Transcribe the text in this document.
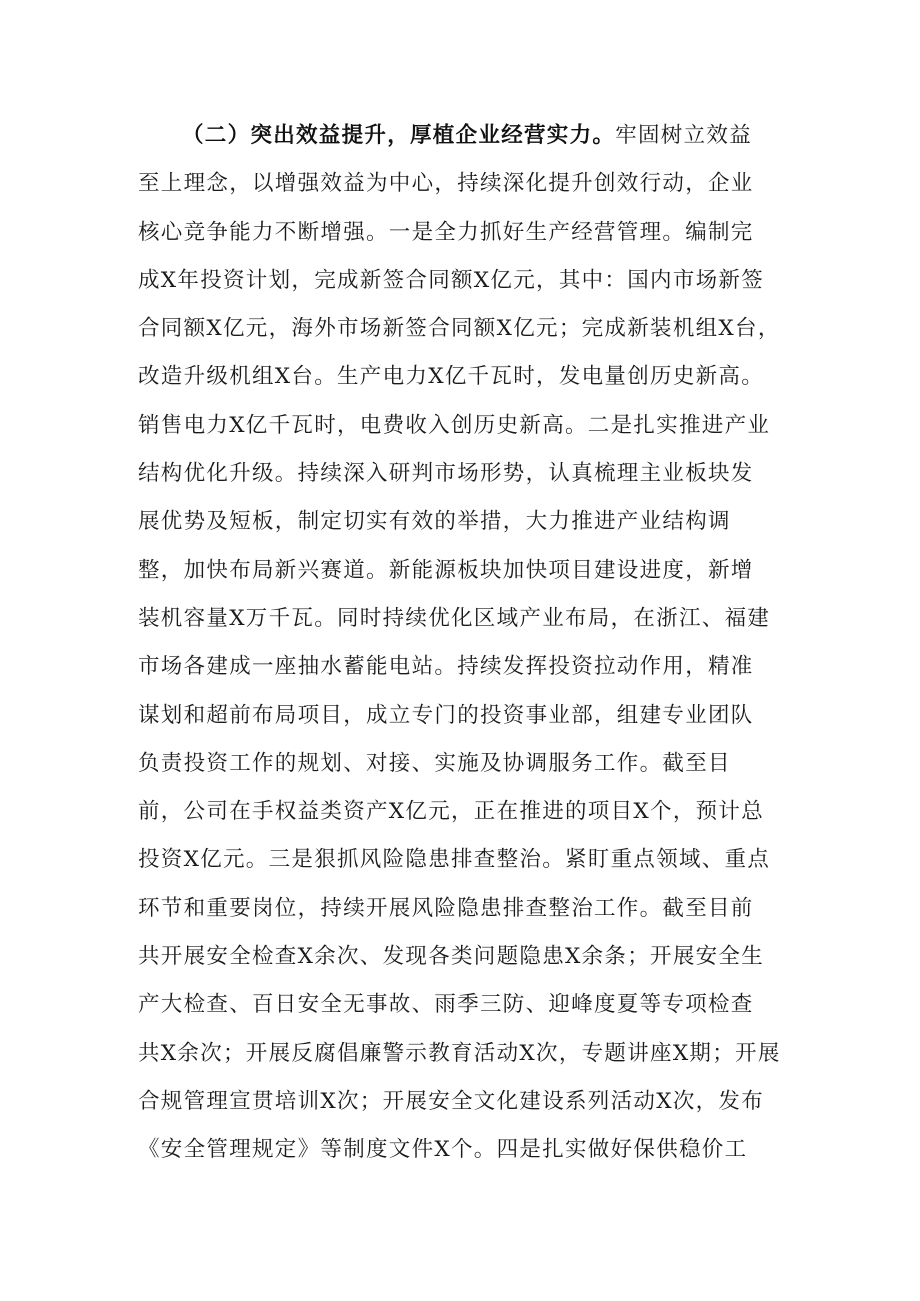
（二）突出效益提升，厚植企业经营实力。牢固树立效益
至上理念，以增强效益为中心，持续深化提升创效行动，企业
核心竞争能力不断增强。一是全力抓好生产经营管理。编制完
成X年投资计划，完成新签合同额X亿元，其中：国内市场新签
合同额X亿元，海外市场新签合同额X亿元；完成新装机组X台，
改造升级机组X台。生产电力X亿千瓦时，发电量创历史新高。
销售电力X亿千瓦时，电费收入创历史新高。二是扎实推进产业
结构优化升级。持续深入研判市场形势，认真梳理主业板块发
展优势及短板，制定切实有效的举措，大力推进产业结构调
整，加快布局新兴赛道。新能源板块加快项目建设进度，新增
装机容量X万千瓦。同时持续优化区域产业布局，在浙江、福建
市场各建成一座抽水蓄能电站。持续发挥投资拉动作用，精准
谋划和超前布局项目，成立专门的投资事业部，组建专业团队
负责投资工作的规划、对接、实施及协调服务工作。截至目
前，公司在手权益类资产X亿元，正在推进的项目X个，预计总
投资X亿元。三是狠抓风险隐患排查整治。紧盯重点领域、重点
环节和重要岗位，持续开展风险隐患排查整治工作。截至目前
共开展安全检查X余次、发现各类问题隐患X余条；开展安全生
产大检查、百日安全无事故、雨季三防、迎峰度夏等专项检查
共X余次；开展反腐倡廉警示教育活动X次，专题讲座X期；开展
合规管理宣贯培训X次；开展安全文化建设系列活动X次，发布
《安全管理规定》等制度文件X个。四是扎实做好保供稳价工
